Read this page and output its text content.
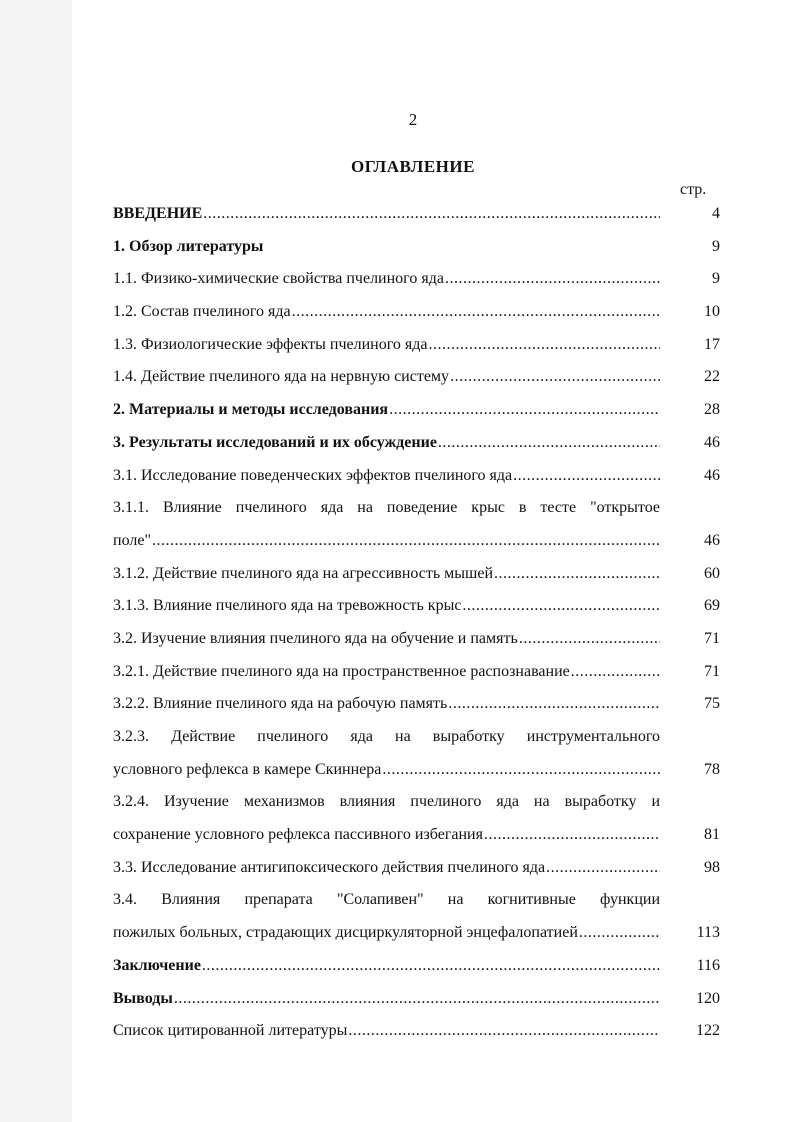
2
ОГЛАВЛЕНИЕ
стр.
ВВЕДЕНИЕ .....	4
1. Обзор литературы	9
1.1. Физико-химические свойства пчелиного яда .....	9
1.2. Состав пчелиного яда .....	10
1.3. Физиологические эффекты пчелиного яда .....	17
1.4. Действие пчелиного яда на нервную систему .....	22
2. Материалы и методы исследования .....	28
3. Результаты исследований и их обсуждение .....	46
3.1. Исследование поведенческих эффектов пчелиного яда .....	46
3.1.1. Влияние пчелиного яда на поведение крыс в тесте "открытое
поле" .....	46
3.1.2. Действие пчелиного яда на агрессивность мышей .....	60
3.1.3. Влияние пчелиного яда на тревожность крыс .....	69
3.2. Изучение влияния пчелиного яда на обучение и память .....	71
3.2.1. Действие пчелиного яда на пространственное распознавание .....	71
3.2.2. Влияние пчелиного яда на рабочую память .....	75
3.2.3. Действие пчелиного яда на выработку инструментального
условного рефлекса в камере Скиннера .....	78
3.2.4. Изучение механизмов влияния пчелиного яда на выработку и
сохранение условного рефлекса пассивного избегания .....	81
3.3. Исследование антигипоксического действия пчелиного яда .....	98
3.4. Влияния препарата "Солапивен" на когнитивные функции
пожилых больных, страдающих дисциркуляторной энцефалопатией .....	113
Заключение .....	116
Выводы .....	120
Список цитированной литературы .....	122
